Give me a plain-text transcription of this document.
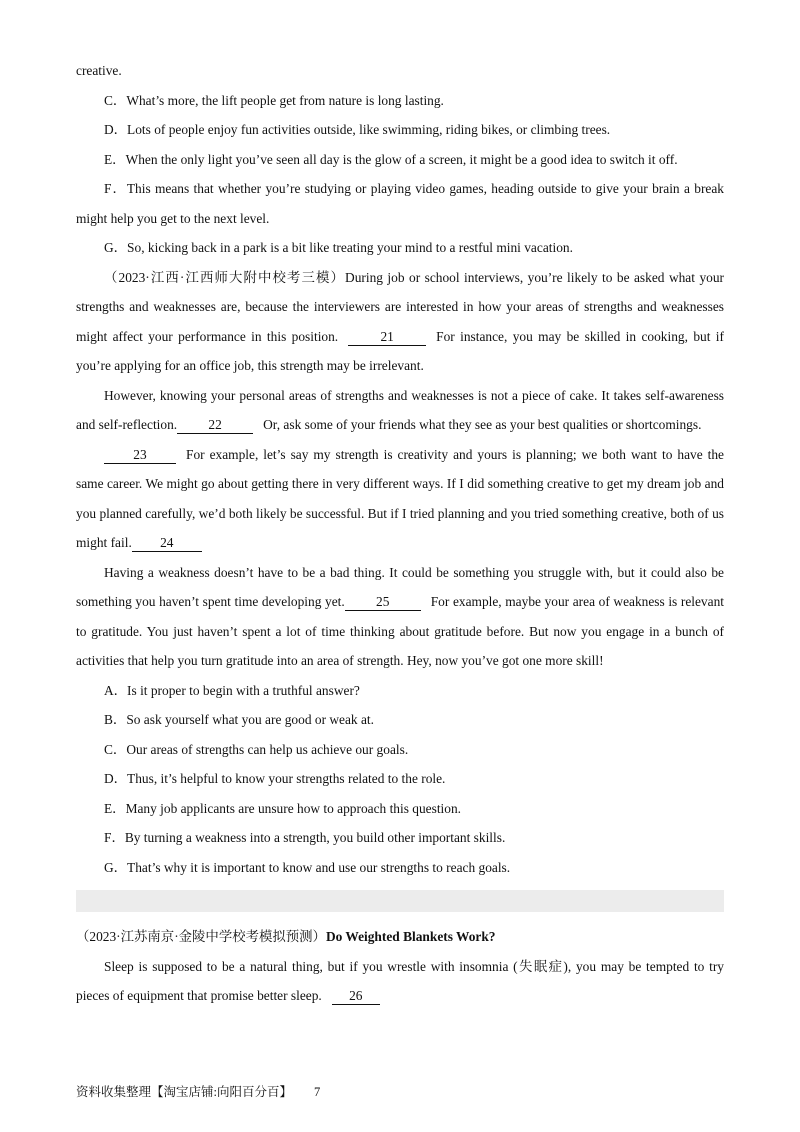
creative.

C．What’s more, the lift people get from nature is long lasting.

D．Lots of people enjoy fun activities outside, like swimming, riding bikes, or climbing trees.

E．When the only light you’ve seen all day is the glow of a screen, it might be a good idea to switch it off.

F．This means that whether you’re studying or playing video games, heading outside to give your brain a break might help you get to the next level.

G．So, kicking back in a park is a bit like treating your mind to a restful mini vacation.

（2023·江西·江西师大附中校考三模）During job or school interviews, you’re likely to be asked what your strengths and weaknesses are, because the interviewers are interested in how your areas of strengths and weaknesses might affect your performance in this position.	21	For instance, you may be skilled in cooking, but if you’re applying for an office job, this strength may be irrelevant.

However, knowing your personal areas of strengths and weaknesses is not a piece of cake. It takes self-awareness and self-reflection. 22	Or, ask some of your friends what they see as your best qualities or shortcomings.

23	For example, let’s say my strength is creativity and yours is planning; we both want to have the same career. We might go about getting there in very different ways. If I did something creative to get my dream job and you planned carefully, we’d both likely be successful. But if I tried planning and you tried something creative, both of us might fail. 24

Having a weakness doesn’t have to be a bad thing. It could be something you struggle with, but it could also be something you haven’t spent time developing yet. 25	For example, maybe your area of weakness is relevant to gratitude. You just haven’t spent a lot of time thinking about gratitude before. But now you engage in a bunch of activities that help you turn gratitude into an area of strength. Hey, now you’ve got one more skill!

A．Is it proper to begin with a truthful answer?

B．So ask yourself what you are good or weak at.

C．Our areas of strengths can help us achieve our goals.

D．Thus, it’s helpful to know your strengths related to the role.

E．Many job applicants are unsure how to approach this question.

F．By turning a weakness into a strength, you build other important skills.

G．That’s why it is important to know and use our strengths to reach goals.

（2023·江苏南京·金陵中学校考模拟预测）Do Weighted Blankets Work?

Sleep is supposed to be a natural thing, but if you wrestle with insomnia (失眠症), you may be tempted to try pieces of equipment that promise better sleep. 26

资料收集整理【淘宝店铺:向阳百分百】 7
